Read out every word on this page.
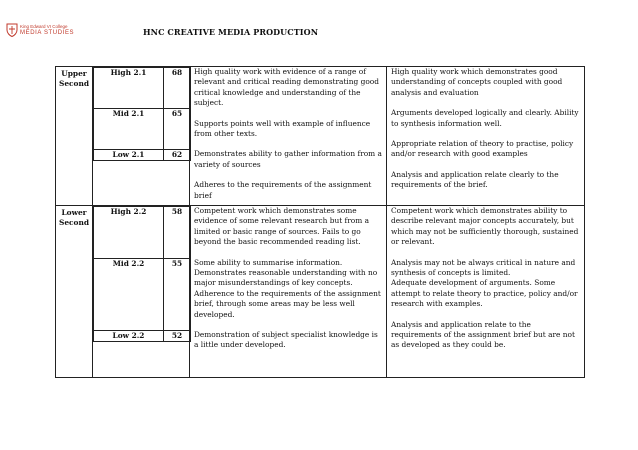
King Edward VI College
MEDIA STUDIES	HNC CREATIVE MEDIA PRODUCTION
Upper
Second

High 2.1	68
Mid 2.1	65
Low 2.1	62

High quality work with evidence of a range of relevant and critical reading demonstrating good critical knowledge and understanding of the subject.
Supports points well with example of influence from other texts.
Demonstrates ability to gather information from a variety of sources
Adheres to the requirements of the assignment brief

High quality work which demonstrates good understanding of concepts coupled with good analysis and evaluation
Arguments developed logically and clearly. Ability to synthesis information well.
Appropriate relation of theory to practise, policy and/or research with good examples
Analysis and application relate clearly to the requirements of the brief.

Lower
Second

High 2.2	58
Mid 2.2	55
Low 2.2	52

Competent work which demonstrates some evidence of some relevant research but from a limited or basic range of sources. Fails to go beyond the basic recommended reading list.
Some ability to summarise information. Demonstrates reasonable understanding with no major misunderstandings of key concepts. Adherence to the requirements of the assignment brief, through some areas may be less well developed.
Demonstration of subject specialist knowledge is a little under developed.

Competent work which demonstrates ability to describe relevant major concepts accurately, but which may not be sufficiently thorough, sustained or relevant.
Analysis may not be always critical in nature and synthesis of concepts is limited.
Adequate development of arguments. Some attempt to relate theory to practice, policy and/or research with examples.
Analysis and application relate to the requirements of the assignment brief but are not as developed as they could be.
